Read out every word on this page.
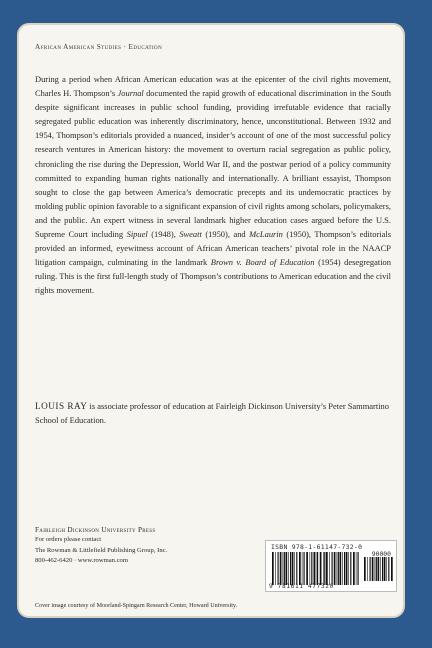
African American Studies · Education

During a period when African American education was at the epicenter of the civil rights movement, Charles H. Thompson’s Journal documented the rapid growth of educational discrimination in the South despite significant increases in public school funding, providing irrefutable evidence that racially segregated public education was inherently discriminatory, hence, unconstitutional. Between 1932 and 1954, Thompson’s editorials provided a nuanced, insider’s account of one of the most successful policy research ventures in American history: the movement to overturn racial segregation as public policy, chronicling the rise during the Depression, World War II, and the postwar period of a policy community committed to expanding human rights nationally and internationally. A brilliant essayist, Thompson sought to close the gap between America’s democratic precepts and its undemocratic practices by molding public opinion favorable to a significant expansion of civil rights among scholars, policymakers, and the public. An expert witness in several landmark higher education cases argued before the U.S. Supreme Court including Sipuel (1948), Sweatt (1950), and McLaurin (1950), Thompson’s editorials provided an informed, eyewitness account of African American teachers’ pivotal role in the NAACP litigation campaign, culminating in the landmark Brown v. Board of Education (1954) desegregation ruling. This is the first full-length study of Thompson’s contributions to American education and the civil rights movement.

LOUIS RAY is associate professor of education at Fairleigh Dickinson University’s Peter Sammartino School of Education.

Fairleigh Dickinson University Press
For orders please contact
The Rowman & Littlefield Publishing Group, Inc.
800-462-6420 · www.rowman.com
ISBN 978-1-61147-732-0
90000
9 781611 477320
Cover image courtesy of Moorland-Spingarn Research Center, Howard University.
